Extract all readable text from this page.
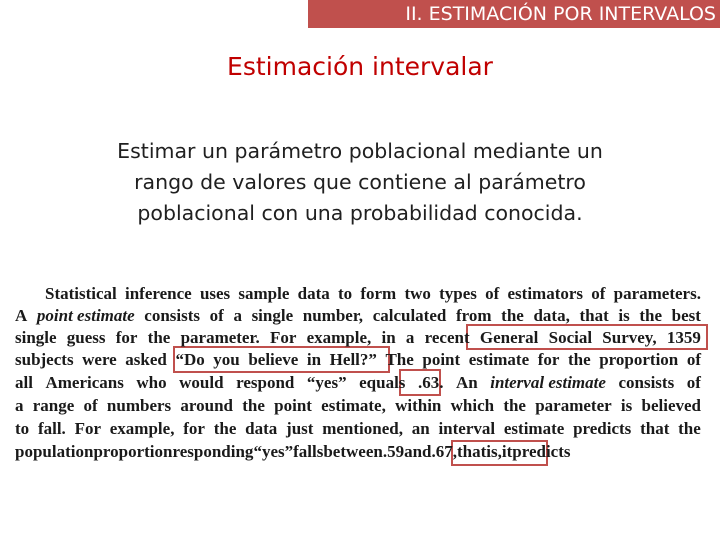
II. ESTIMACIÓN POR INTERVALOS
Estimación intervalar

Estimar un parámetro poblacional mediante un
rango de valores que contiene al parámetro
poblacional con una probabilidad conocida.

Statistical inference uses sample data to form two types of estimators of parameters.
A point estimate consists of a single number, calculated from the data, that is the best
single guess for the parameter. For example, in a recent General Social Survey, 1359
subjects were asked “Do you believe in Hell?” The point estimate for the proportion of
all Americans who would respond “yes” equals .63. An interval estimate consists of
a range of numbers around the point estimate, within which the parameter is believed
to fall. For example, for the data just mentioned, an interval estimate predicts that the
population proportion responding “yes” falls between .59 and .67, that is, it predicts
